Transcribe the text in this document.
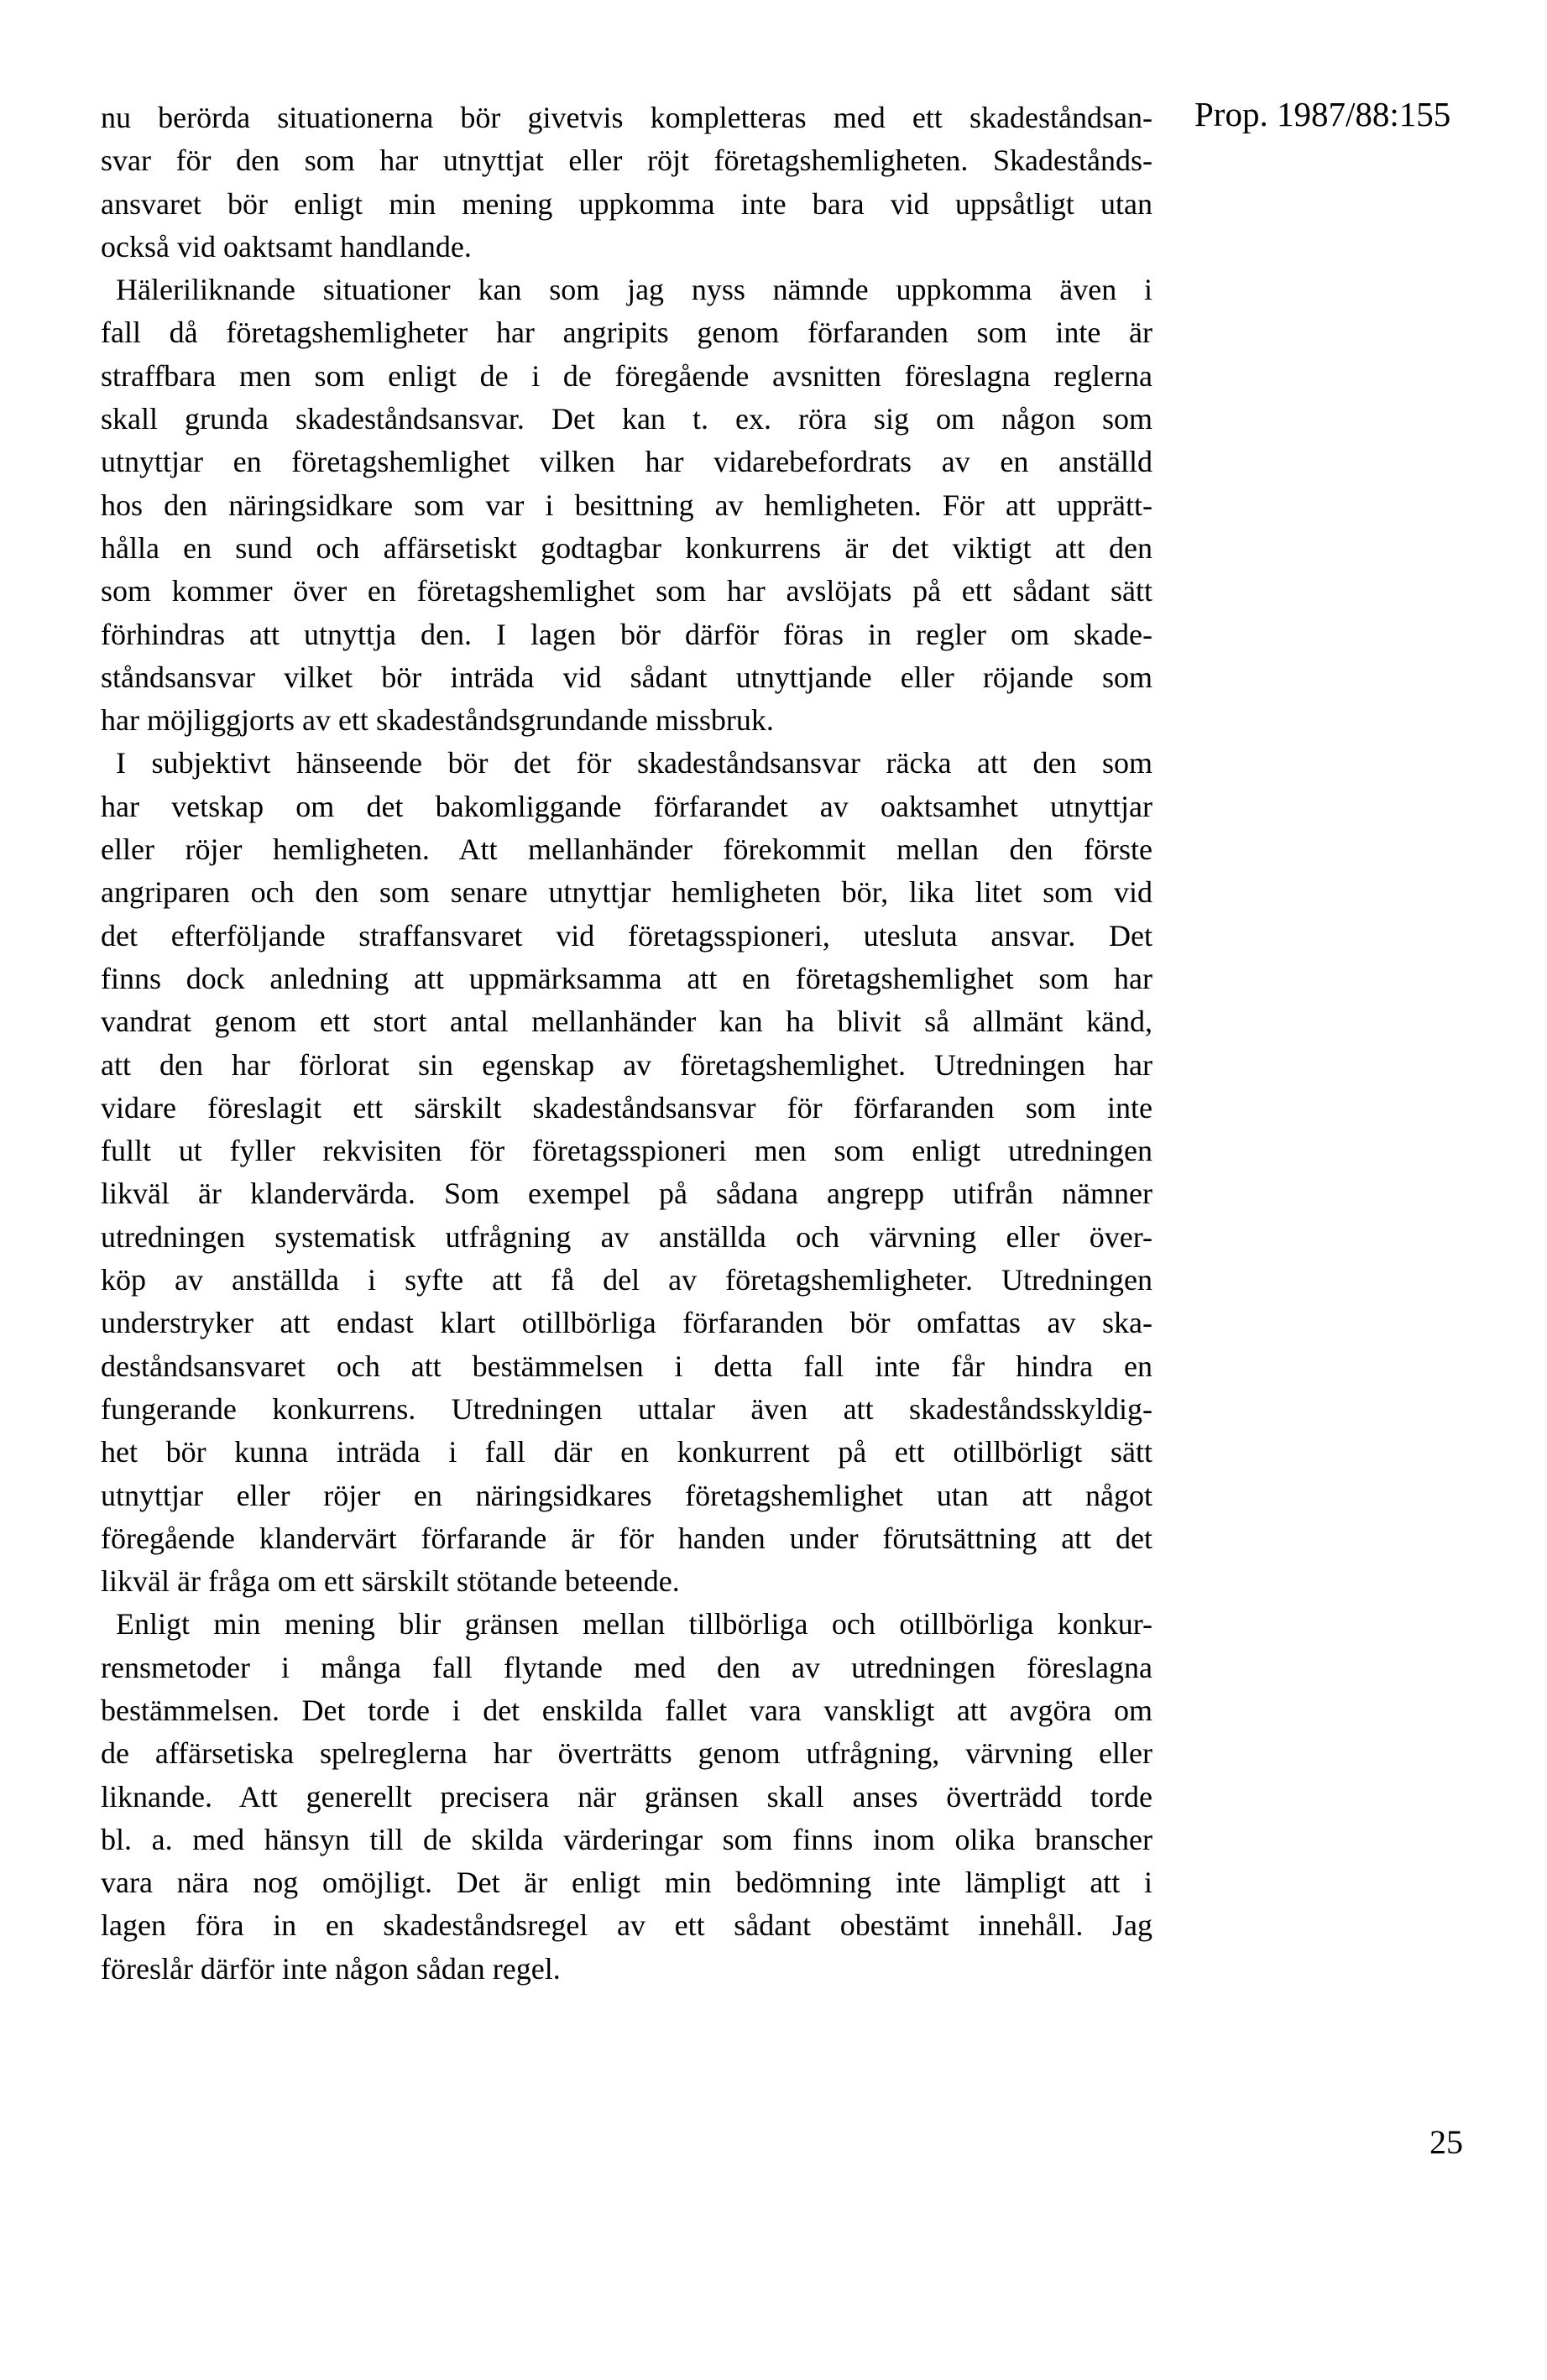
Prop. 1987/88:155
nu berörda situationerna bör givetvis kompletteras med ett skadeståndsan-
svar för den som har utnyttjat eller röjt företagshemligheten. Skadestånds-
ansvaret bör enligt min mening uppkomma inte bara vid uppsåtligt utan
också vid oaktsamt handlande.
Häleriliknande situationer kan som jag nyss nämnde uppkomma även i
fall då företagshemligheter har angripits genom förfaranden som inte är
straffbara men som enligt de i de föregående avsnitten föreslagna reglerna
skall grunda skadeståndsansvar. Det kan t. ex. röra sig om någon som
utnyttjar en företagshemlighet vilken har vidarebefordrats av en anställd
hos den näringsidkare som var i besittning av hemligheten. För att upprätt-
hålla en sund och affärsetiskt godtagbar konkurrens är det viktigt att den
som kommer över en företagshemlighet som har avslöjats på ett sådant sätt
förhindras att utnyttja den. I lagen bör därför föras in regler om skade-
ståndsansvar vilket bör inträda vid sådant utnyttjande eller röjande som
har möjliggjorts av ett skadeståndsgrundande missbruk.
I subjektivt hänseende bör det för skadeståndsansvar räcka att den som
har vetskap om det bakomliggande förfarandet av oaktsamhet utnyttjar
eller röjer hemligheten. Att mellanhänder förekommit mellan den förste
angriparen och den som senare utnyttjar hemligheten bör, lika litet som vid
det efterföljande straffansvaret vid företagsspioneri, utesluta ansvar. Det
finns dock anledning att uppmärksamma att en företagshemlighet som har
vandrat genom ett stort antal mellanhänder kan ha blivit så allmänt känd,
att den har förlorat sin egenskap av företagshemlighet. Utredningen har
vidare föreslagit ett särskilt skadeståndsansvar för förfaranden som inte
fullt ut fyller rekvisiten för företagsspioneri men som enligt utredningen
likväl är klandervärda. Som exempel på sådana angrepp utifrån nämner
utredningen systematisk utfrågning av anställda och värvning eller över-
köp av anställda i syfte att få del av företagshemligheter. Utredningen
understryker att endast klart otillbörliga förfaranden bör omfattas av ska-
deståndsansvaret och att bestämmelsen i detta fall inte får hindra en
fungerande konkurrens. Utredningen uttalar även att skadeståndsskyldig-
het bör kunna inträda i fall där en konkurrent på ett otillbörligt sätt
utnyttjar eller röjer en näringsidkares företagshemlighet utan att något
föregående klandervärt förfarande är för handen under förutsättning att det
likväl är fråga om ett särskilt stötande beteende.
Enligt min mening blir gränsen mellan tillbörliga och otillbörliga konkur-
rensmetoder i många fall flytande med den av utredningen föreslagna
bestämmelsen. Det torde i det enskilda fallet vara vanskligt att avgöra om
de affärsetiska spelreglerna har överträtts genom utfrågning, värvning eller
liknande. Att generellt precisera när gränsen skall anses överträdd torde
bl. a. med hänsyn till de skilda värderingar som finns inom olika branscher
vara nära nog omöjligt. Det är enligt min bedömning inte lämpligt att i
lagen föra in en skadeståndsregel av ett sådant obestämt innehåll. Jag
föreslår därför inte någon sådan regel.
25
